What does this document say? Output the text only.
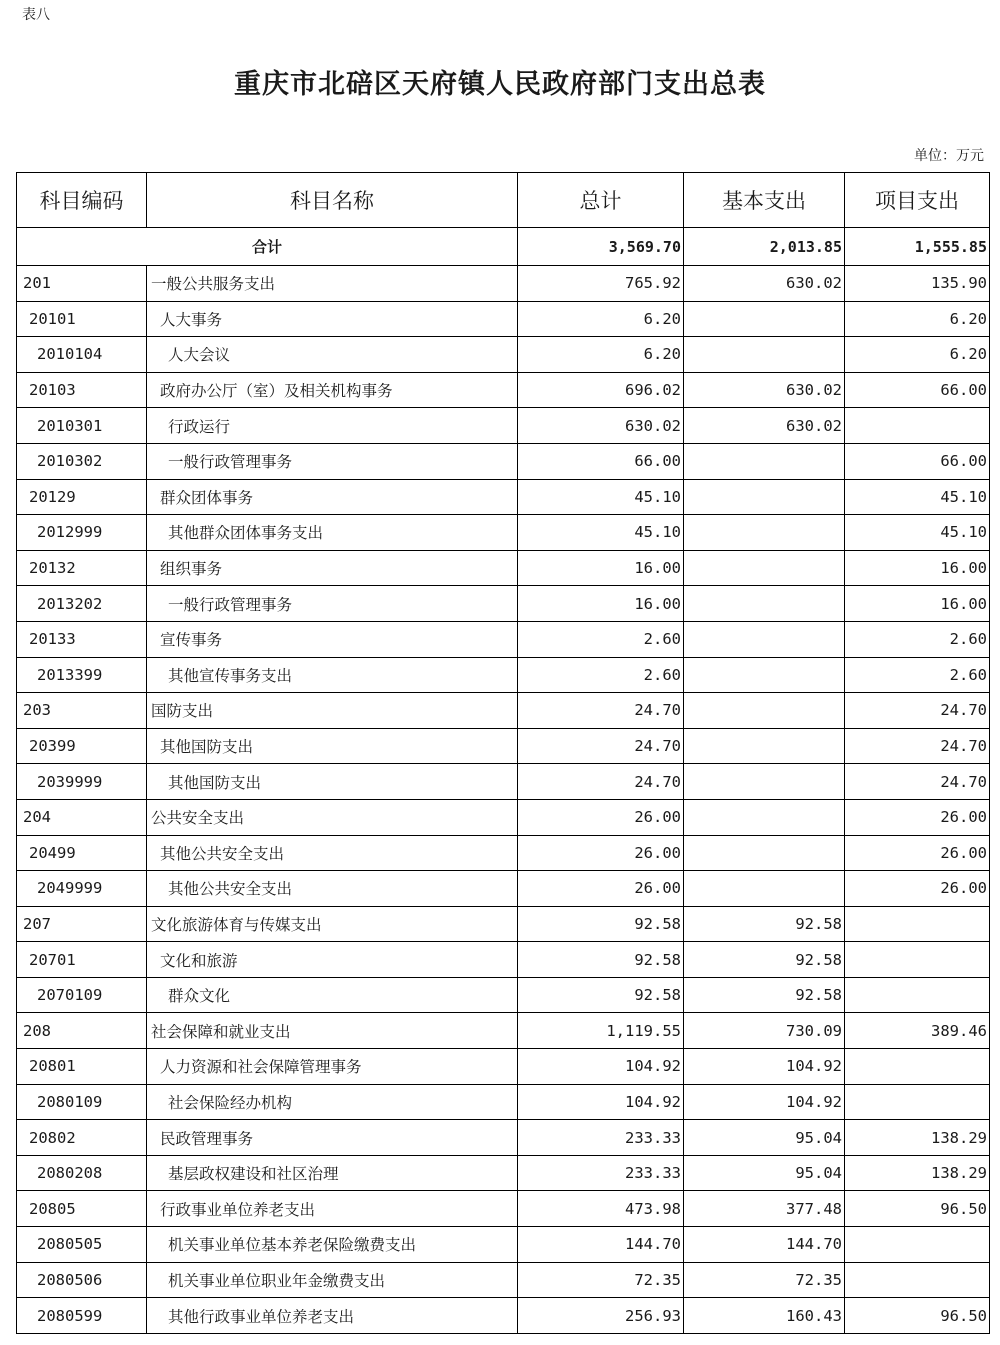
表八
重庆市北碚区天府镇人民政府部门支出总表
单位：万元
科目编码	科目名称	总计	基本支出	项目支出
合计		3,569.70	2,013.85	1,555.85
201	一般公共服务支出	765.92	630.02	135.90
20101	人大事务	6.20		6.20
2010104	人大会议	6.20		6.20
20103	政府办公厅（室）及相关机构事务	696.02	630.02	66.00
2010301	行政运行	630.02	630.02	
2010302	一般行政管理事务	66.00		66.00
20129	群众团体事务	45.10		45.10
2012999	其他群众团体事务支出	45.10		45.10
20132	组织事务	16.00		16.00
2013202	一般行政管理事务	16.00		16.00
20133	宣传事务	2.60		2.60
2013399	其他宣传事务支出	2.60		2.60
203	国防支出	24.70		24.70
20399	其他国防支出	24.70		24.70
2039999	其他国防支出	24.70		24.70
204	公共安全支出	26.00		26.00
20499	其他公共安全支出	26.00		26.00
2049999	其他公共安全支出	26.00		26.00
207	文化旅游体育与传媒支出	92.58	92.58	
20701	文化和旅游	92.58	92.58	
2070109	群众文化	92.58	92.58	
208	社会保障和就业支出	1,119.55	730.09	389.46
20801	人力资源和社会保障管理事务	104.92	104.92	
2080109	社会保险经办机构	104.92	104.92	
20802	民政管理事务	233.33	95.04	138.29
2080208	基层政权建设和社区治理	233.33	95.04	138.29
20805	行政事业单位养老支出	473.98	377.48	96.50
2080505	机关事业单位基本养老保险缴费支出	144.70	144.70	
2080506	机关事业单位职业年金缴费支出	72.35	72.35	
2080599	其他行政事业单位养老支出	256.93	160.43	96.50
